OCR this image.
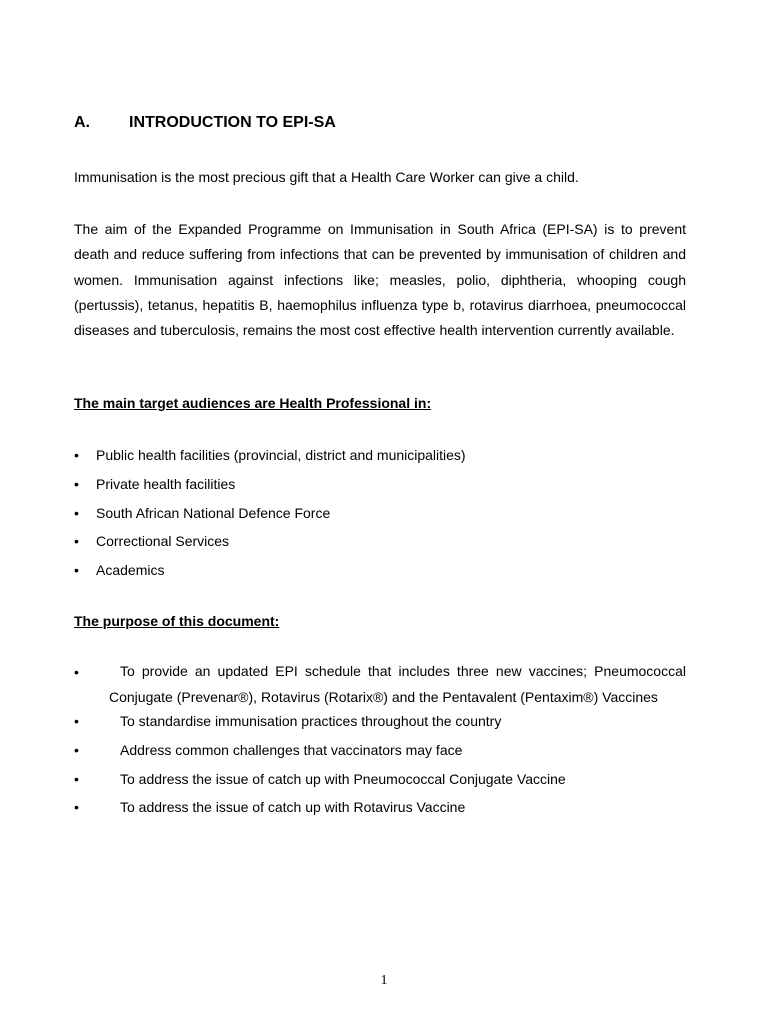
A.	INTRODUCTION TO EPI-SA
Immunisation is the most precious gift that a Health Care Worker can give a child.
The aim of the Expanded Programme on Immunisation in South Africa (EPI-SA) is to prevent death and reduce suffering from infections that can be prevented by immunisation of children and women. Immunisation against infections like; measles, polio, diphtheria, whooping cough (pertussis), tetanus, hepatitis B, haemophilus influenza type b, rotavirus diarrhoea, pneumococcal diseases and tuberculosis, remains the most cost effective health intervention currently available.
The main target audiences are Health Professional in:
•	Public health facilities (provincial, district and municipalities)
•	Private health facilities
•	South African National Defence Force
•	Correctional Services
•	Academics
The purpose of this document:
•	To provide an updated EPI schedule that includes three new vaccines; Pneumococcal Conjugate (Prevenar®), Rotavirus (Rotarix®) and the Pentavalent (Pentaxim®) Vaccines
•	To standardise immunisation practices throughout the country
•	Address common challenges that vaccinators may face
•	To address the issue of catch up with Pneumococcal Conjugate Vaccine
•	To address the issue of catch up with Rotavirus Vaccine
1
